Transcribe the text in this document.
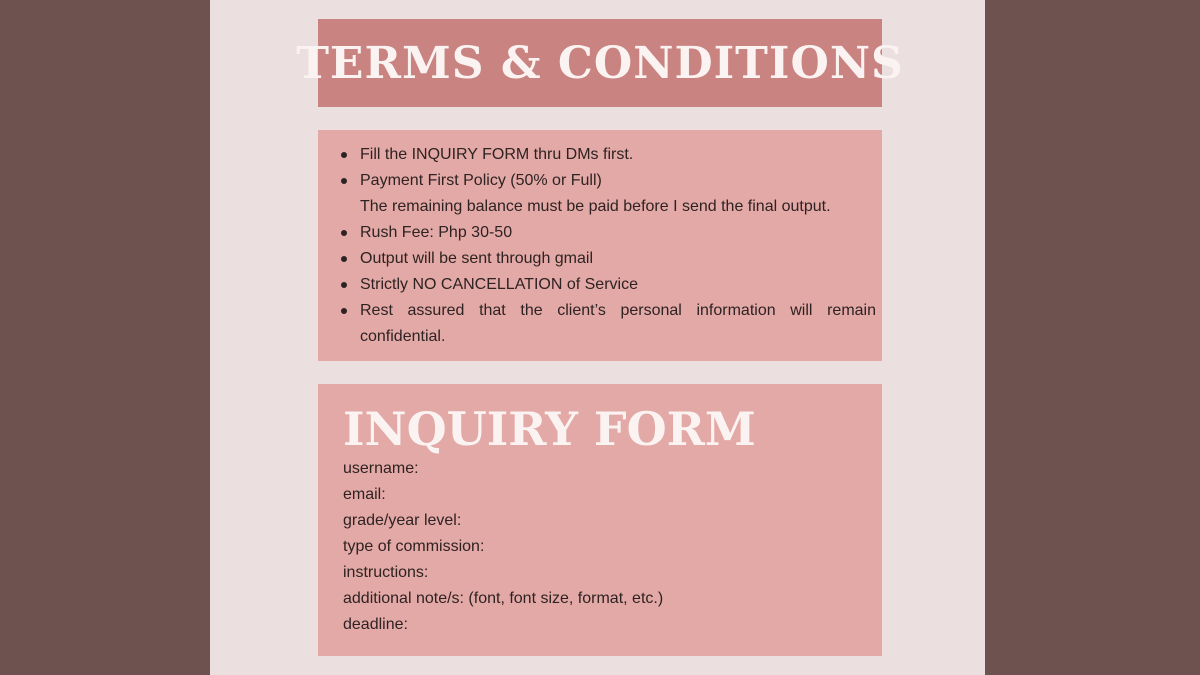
TERMS & CONDITIONS
Fill the INQUIRY FORM thru DMs first.
Payment First Policy (50% or Full)
The remaining balance must be paid before I send the final output.
Rush Fee: Php 30-50
Output will be sent through gmail
Strictly NO CANCELLATION of Service
Rest assured that the client’s personal information will remain confidential.
INQUIRY FORM
username:
email:
grade/year level:
type of commission:
instructions:
additional note/s: (font, font size, format, etc.)
deadline:
